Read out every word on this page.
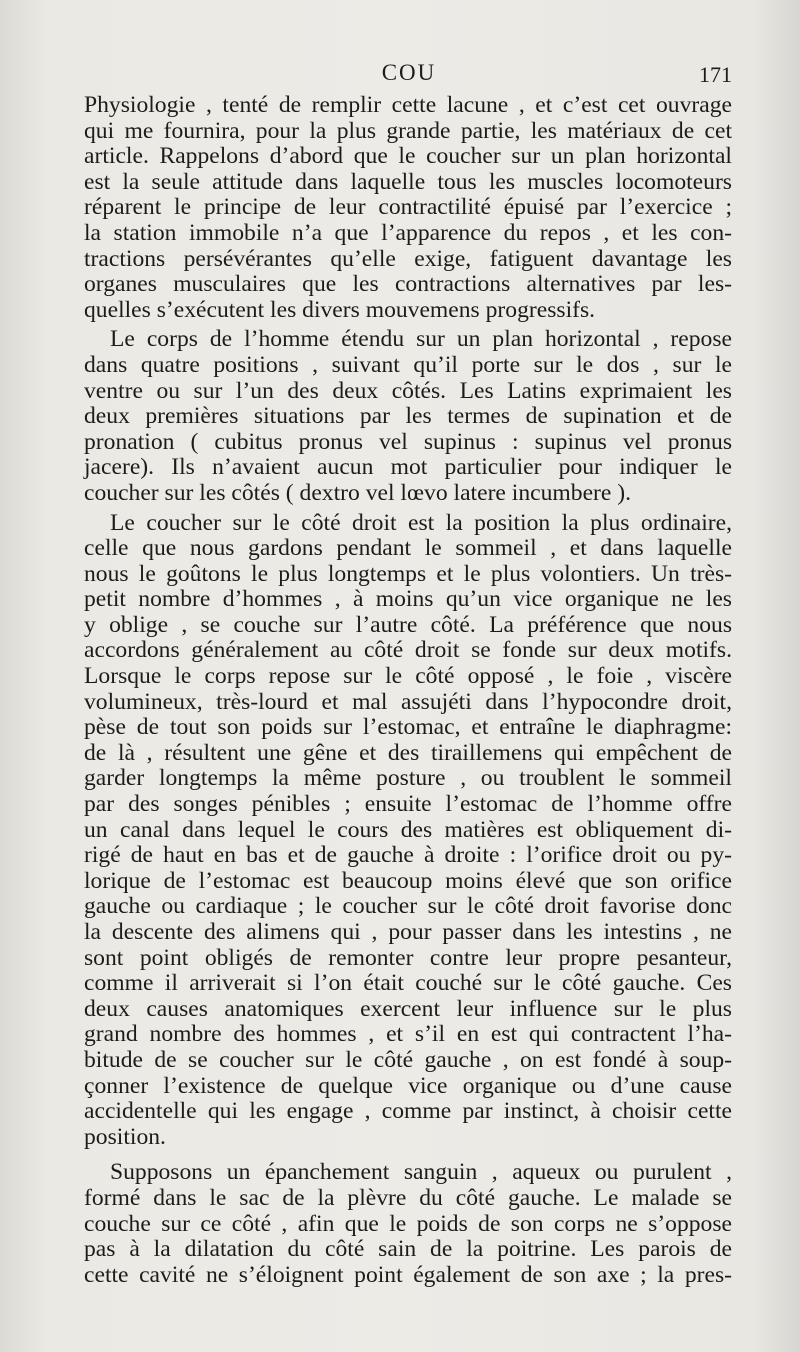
COU	171
Physiologie , tenté de remplir cette lacune , et c’est cet ouvrage
qui me fournira, pour la plus grande partie, les matériaux de cet
article. Rappelons d’abord que le coucher sur un plan horizontal
est la seule attitude dans laquelle tous les muscles locomoteurs
réparent le principe de leur contractilité épuisé par l’exercice ;
la station immobile n’a que l’apparence du repos , et les con-
tractions persévérantes qu’elle exige, fatiguent davantage les
organes musculaires que les contractions alternatives par les-
quelles s’exécutent les divers mouvemens progressifs.
Le corps de l’homme étendu sur un plan horizontal , repose
dans quatre positions , suivant qu’il porte sur le dos , sur le
ventre ou sur l’un des deux côtés. Les Latins exprimaient les
deux premières situations par les termes de supination et de
pronation ( cubitus pronus vel supinus : supinus vel pronus
jacere). Ils n’avaient aucun mot particulier pour indiquer le
coucher sur les côtés ( dextro vel lœvo latere incumbere ).
Le coucher sur le côté droit est la position la plus ordinaire,
celle que nous gardons pendant le sommeil , et dans laquelle
nous le goûtons le plus longtemps et le plus volontiers. Un très-
petit nombre d’hommes , à moins qu’un vice organique ne les
y oblige , se couche sur l’autre côté. La préférence que nous
accordons généralement au côté droit se fonde sur deux motifs.
Lorsque le corps repose sur le côté opposé , le foie , viscère
volumineux, très-lourd et mal assujéti dans l’hypocondre droit,
pèse de tout son poids sur l’estomac, et entraîne le diaphragme:
de là , résultent une gêne et des tiraillemens qui empêchent de
garder longtemps la même posture , ou troublent le sommeil
par des songes pénibles ; ensuite l’estomac de l’homme offre
un canal dans lequel le cours des matières est obliquement di-
rigé de haut en bas et de gauche à droite : l’orifice droit ou py-
lorique de l’estomac est beaucoup moins élevé que son orifice
gauche ou cardiaque ; le coucher sur le côté droit favorise donc
la descente des alimens qui , pour passer dans les intestins , ne
sont point obligés de remonter contre leur propre pesanteur,
comme il arriverait si l’on était couché sur le côté gauche. Ces
deux causes anatomiques exercent leur influence sur le plus
grand nombre des hommes , et s’il en est qui contractent l’ha-
bitude de se coucher sur le côté gauche , on est fondé à soup-
çonner l’existence de quelque vice organique ou d’une cause
accidentelle qui les engage , comme par instinct, à choisir cette
position.
Supposons un épanchement sanguin , aqueux ou purulent ,
formé dans le sac de la plèvre du côté gauche. Le malade se
couche sur ce côté , afin que le poids de son corps ne s’oppose
pas à la dilatation du côté sain de la poitrine. Les parois de
cette cavité ne s’éloignent point également de son axe ; la pres-
